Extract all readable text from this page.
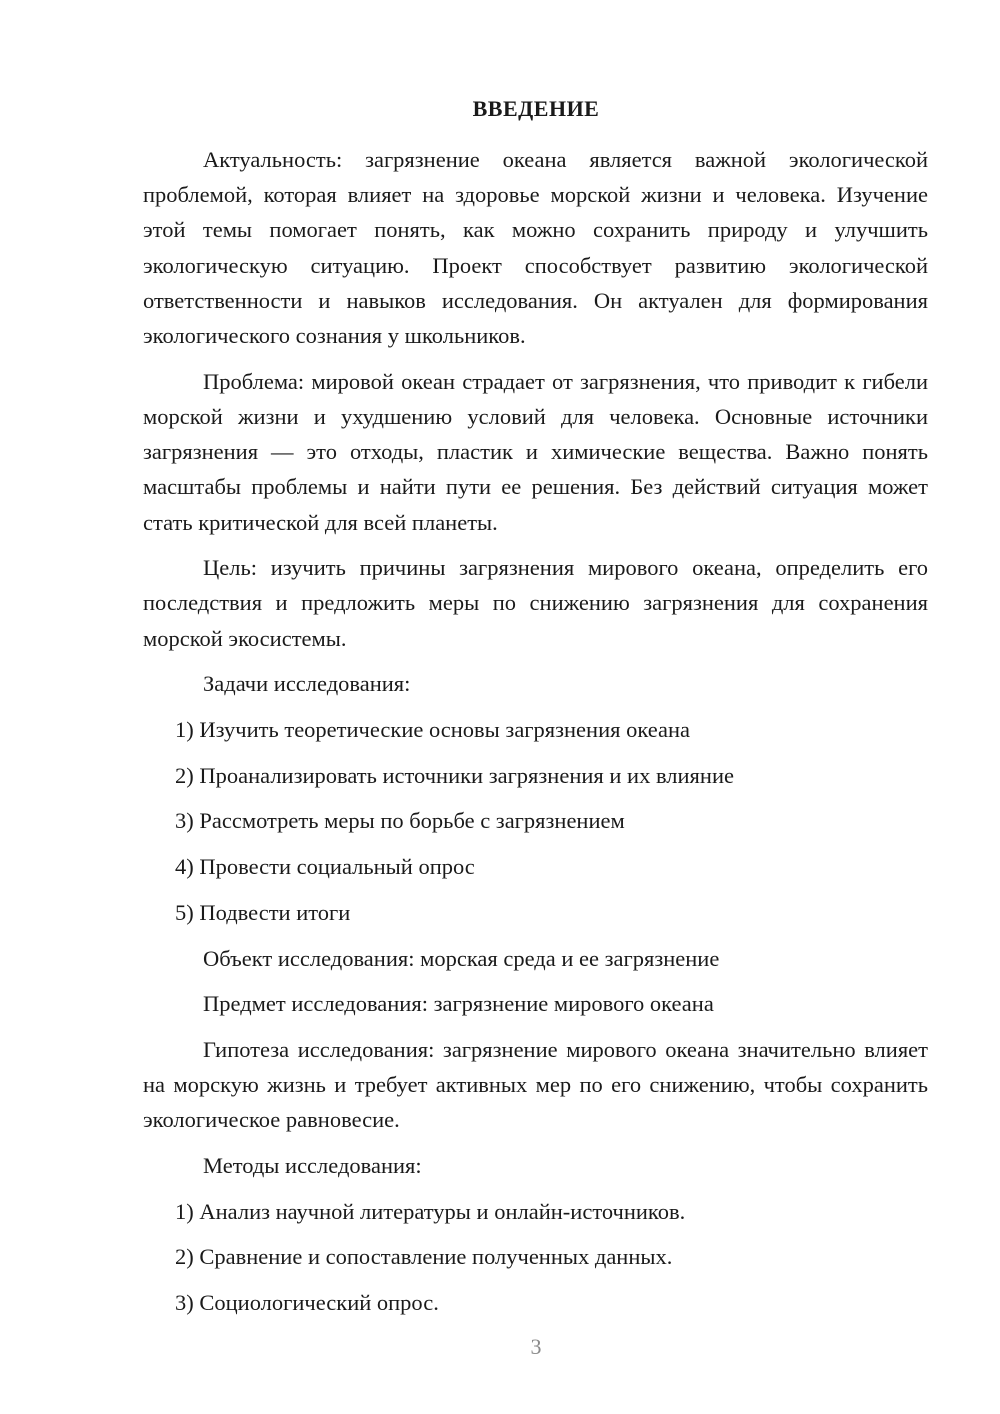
ВВЕДЕНИЕ

Актуальность: загрязнение океана является важной экологической проблемой, которая влияет на здоровье морской жизни и человека. Изучение этой темы помогает понять, как можно сохранить природу и улучшить экологическую ситуацию. Проект способствует развитию экологической ответственности и навыков исследования. Он актуален для формирования экологического сознания у школьников.

Проблема: мировой океан страдает от загрязнения, что приводит к гибели морской жизни и ухудшению условий для человека. Основные источники загрязнения — это отходы, пластик и химические вещества. Важно понять масштабы проблемы и найти пути ее решения. Без действий ситуация может стать критической для всей планеты.

Цель: изучить причины загрязнения мирового океана, определить его последствия и предложить меры по снижению загрязнения для сохранения морской экосистемы.

Задачи исследования:

1) Изучить теоретические основы загрязнения океана

2) Проанализировать источники загрязнения и их влияние

3) Рассмотреть меры по борьбе с загрязнением

4) Провести социальный опрос

5) Подвести итоги

Объект исследования: морская среда и ее загрязнение

Предмет исследования: загрязнение мирового океана

Гипотеза исследования: загрязнение мирового океана значительно влияет на морскую жизнь и требует активных мер по его снижению, чтобы сохранить экологическое равновесие.

Методы исследования:

1) Анализ научной литературы и онлайн-источников.

2) Сравнение и сопоставление полученных данных.

3) Социологический опрос.

3
